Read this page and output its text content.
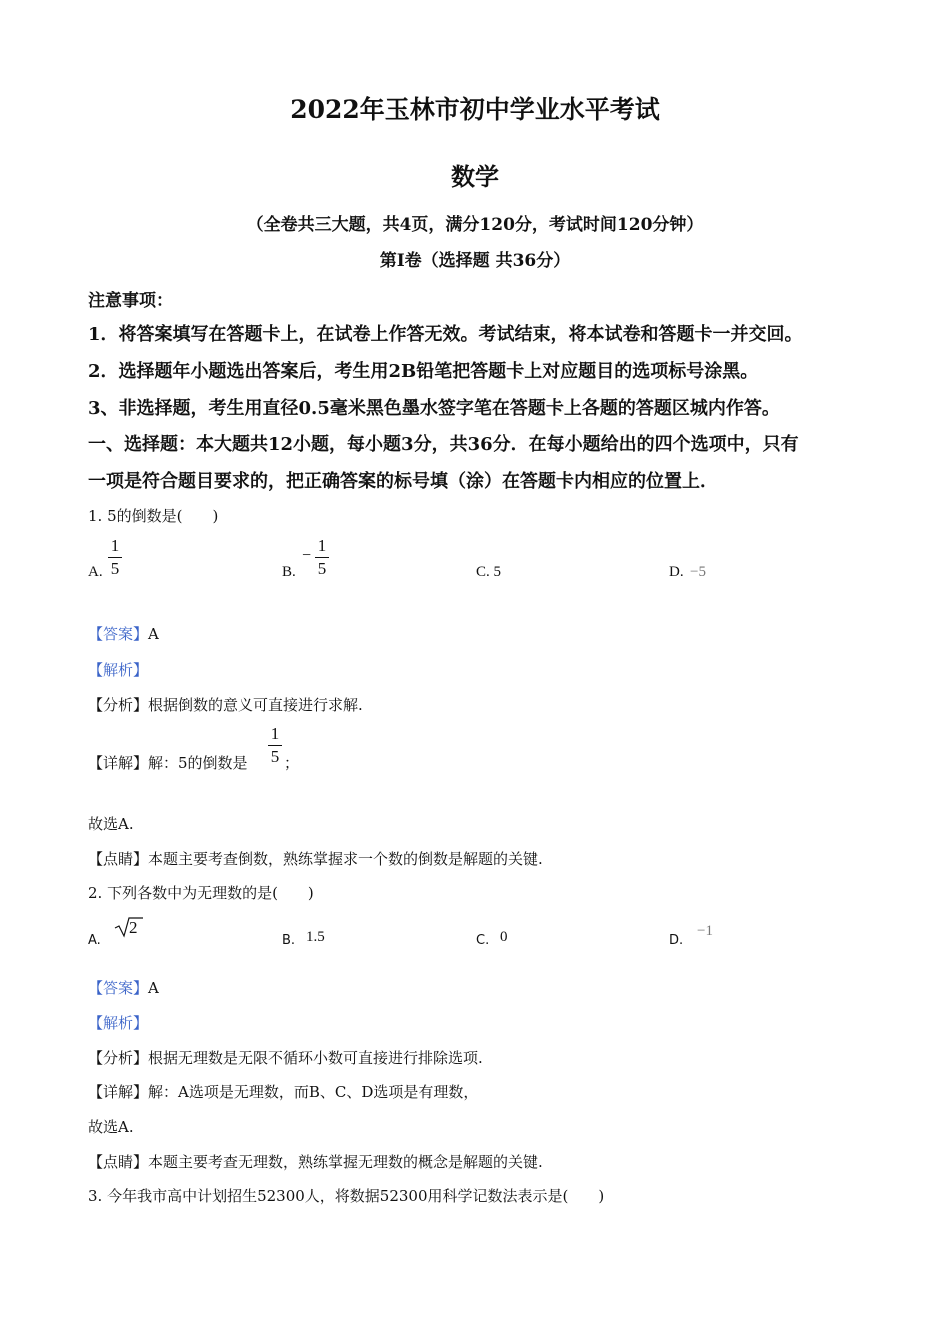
2022年玉林市初中学业水平考试
数学
（全卷共三大题，共4页，满分120分，考试时间120分钟）
第Ⅰ卷（选择题 共36分）
注意事项：
1．将答案填写在答题卡上，在试卷上作答无效。考试结束，将本试卷和答题卡一并交回。
2．选择题年小题选出答案后，考生用2B铅笔把答题卡上对应题目的选项标号涂黑。
3、非选择题，考生用直径0.5毫米黑色墨水签字笔在答题卡上各题的答题区城内作答。
一、选择题：本大题共12小题，每小题3分，共36分．在每小题给出的四个选项中，只有
一项是符合题目要求的，把正确答案的标号填（涂）在答题卡内相应的位置上．
1. 5的倒数是(　　)
A.
1
5	B.
−
1
5	C. 5	D. −5
【答案】A
【解析】
【分析】根据倒数的意义可直接进行求解.
【详解】解：5的倒数是
1
5 ；
故选A.
【点睛】本题主要考查倒数，熟练掌握求一个数的倒数是解题的关键.
2. 下列各数中为无理数的是(　　)
A.
2
B. 1.5	C. 0	D.
−1
【答案】A
【解析】
【分析】根据无理数是无限不循环小数可直接进行排除选项.
【详解】解：A选项是无理数，而B、C、D选项是有理数，
故选A.
【点睛】本题主要考查无理数，熟练掌握无理数的概念是解题的关键.
3. 今年我市高中计划招生52300人，将数据52300用科学记数法表示是(　　)
